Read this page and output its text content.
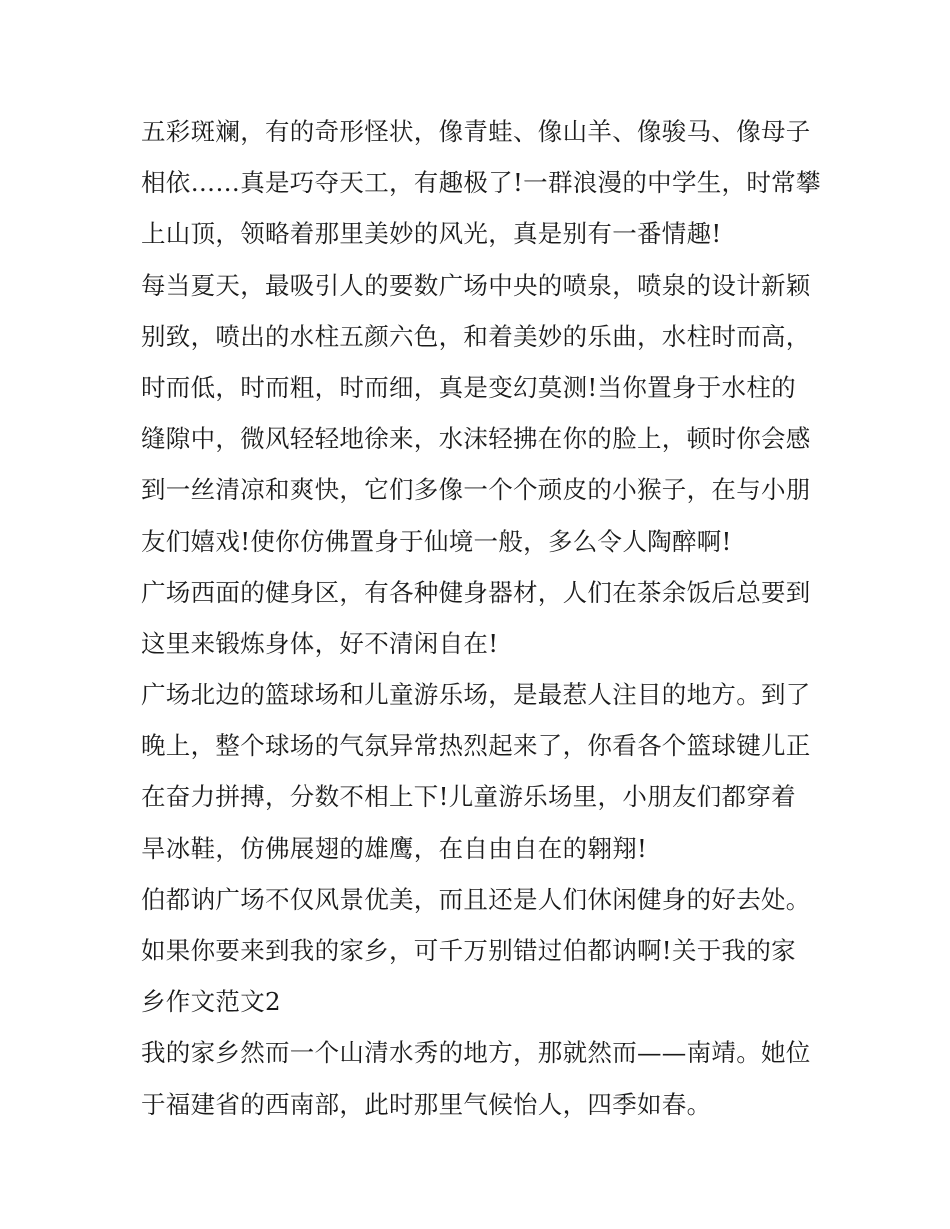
五彩斑斓，有的奇形怪状，像青蛙、像山羊、像骏马、像母子
相依……真是巧夺天工，有趣极了!一群浪漫的中学生，时常攀
上山顶，领略着那里美妙的风光，真是别有一番情趣!
每当夏天，最吸引人的要数广场中央的喷泉，喷泉的设计新颖
别致，喷出的水柱五颜六色，和着美妙的乐曲，水柱时而高，
时而低，时而粗，时而细，真是变幻莫测!当你置身于水柱的
缝隙中，微风轻轻地徐来，水沫轻拂在你的脸上，顿时你会感
到一丝清凉和爽快，它们多像一个个顽皮的小猴子，在与小朋
友们嬉戏!使你仿佛置身于仙境一般，多么令人陶醉啊!
广场西面的健身区，有各种健身器材，人们在茶余饭后总要到
这里来锻炼身体，好不清闲自在!
广场北边的篮球场和儿童游乐场，是最惹人注目的地方。到了
晚上，整个球场的气氛异常热烈起来了，你看各个篮球键儿正
在奋力拼搏，分数不相上下!儿童游乐场里，小朋友们都穿着
旱冰鞋，仿佛展翅的雄鹰，在自由自在的翱翔!
伯都讷广场不仅风景优美，而且还是人们休闲健身的好去处。
如果你要来到我的家乡，可千万别错过伯都讷啊!关于我的家
乡作文范文2
我的家乡然而一个山清水秀的地方，那就然而——南靖。她位
于福建省的西南部，此时那里气候怡人，四季如春。
